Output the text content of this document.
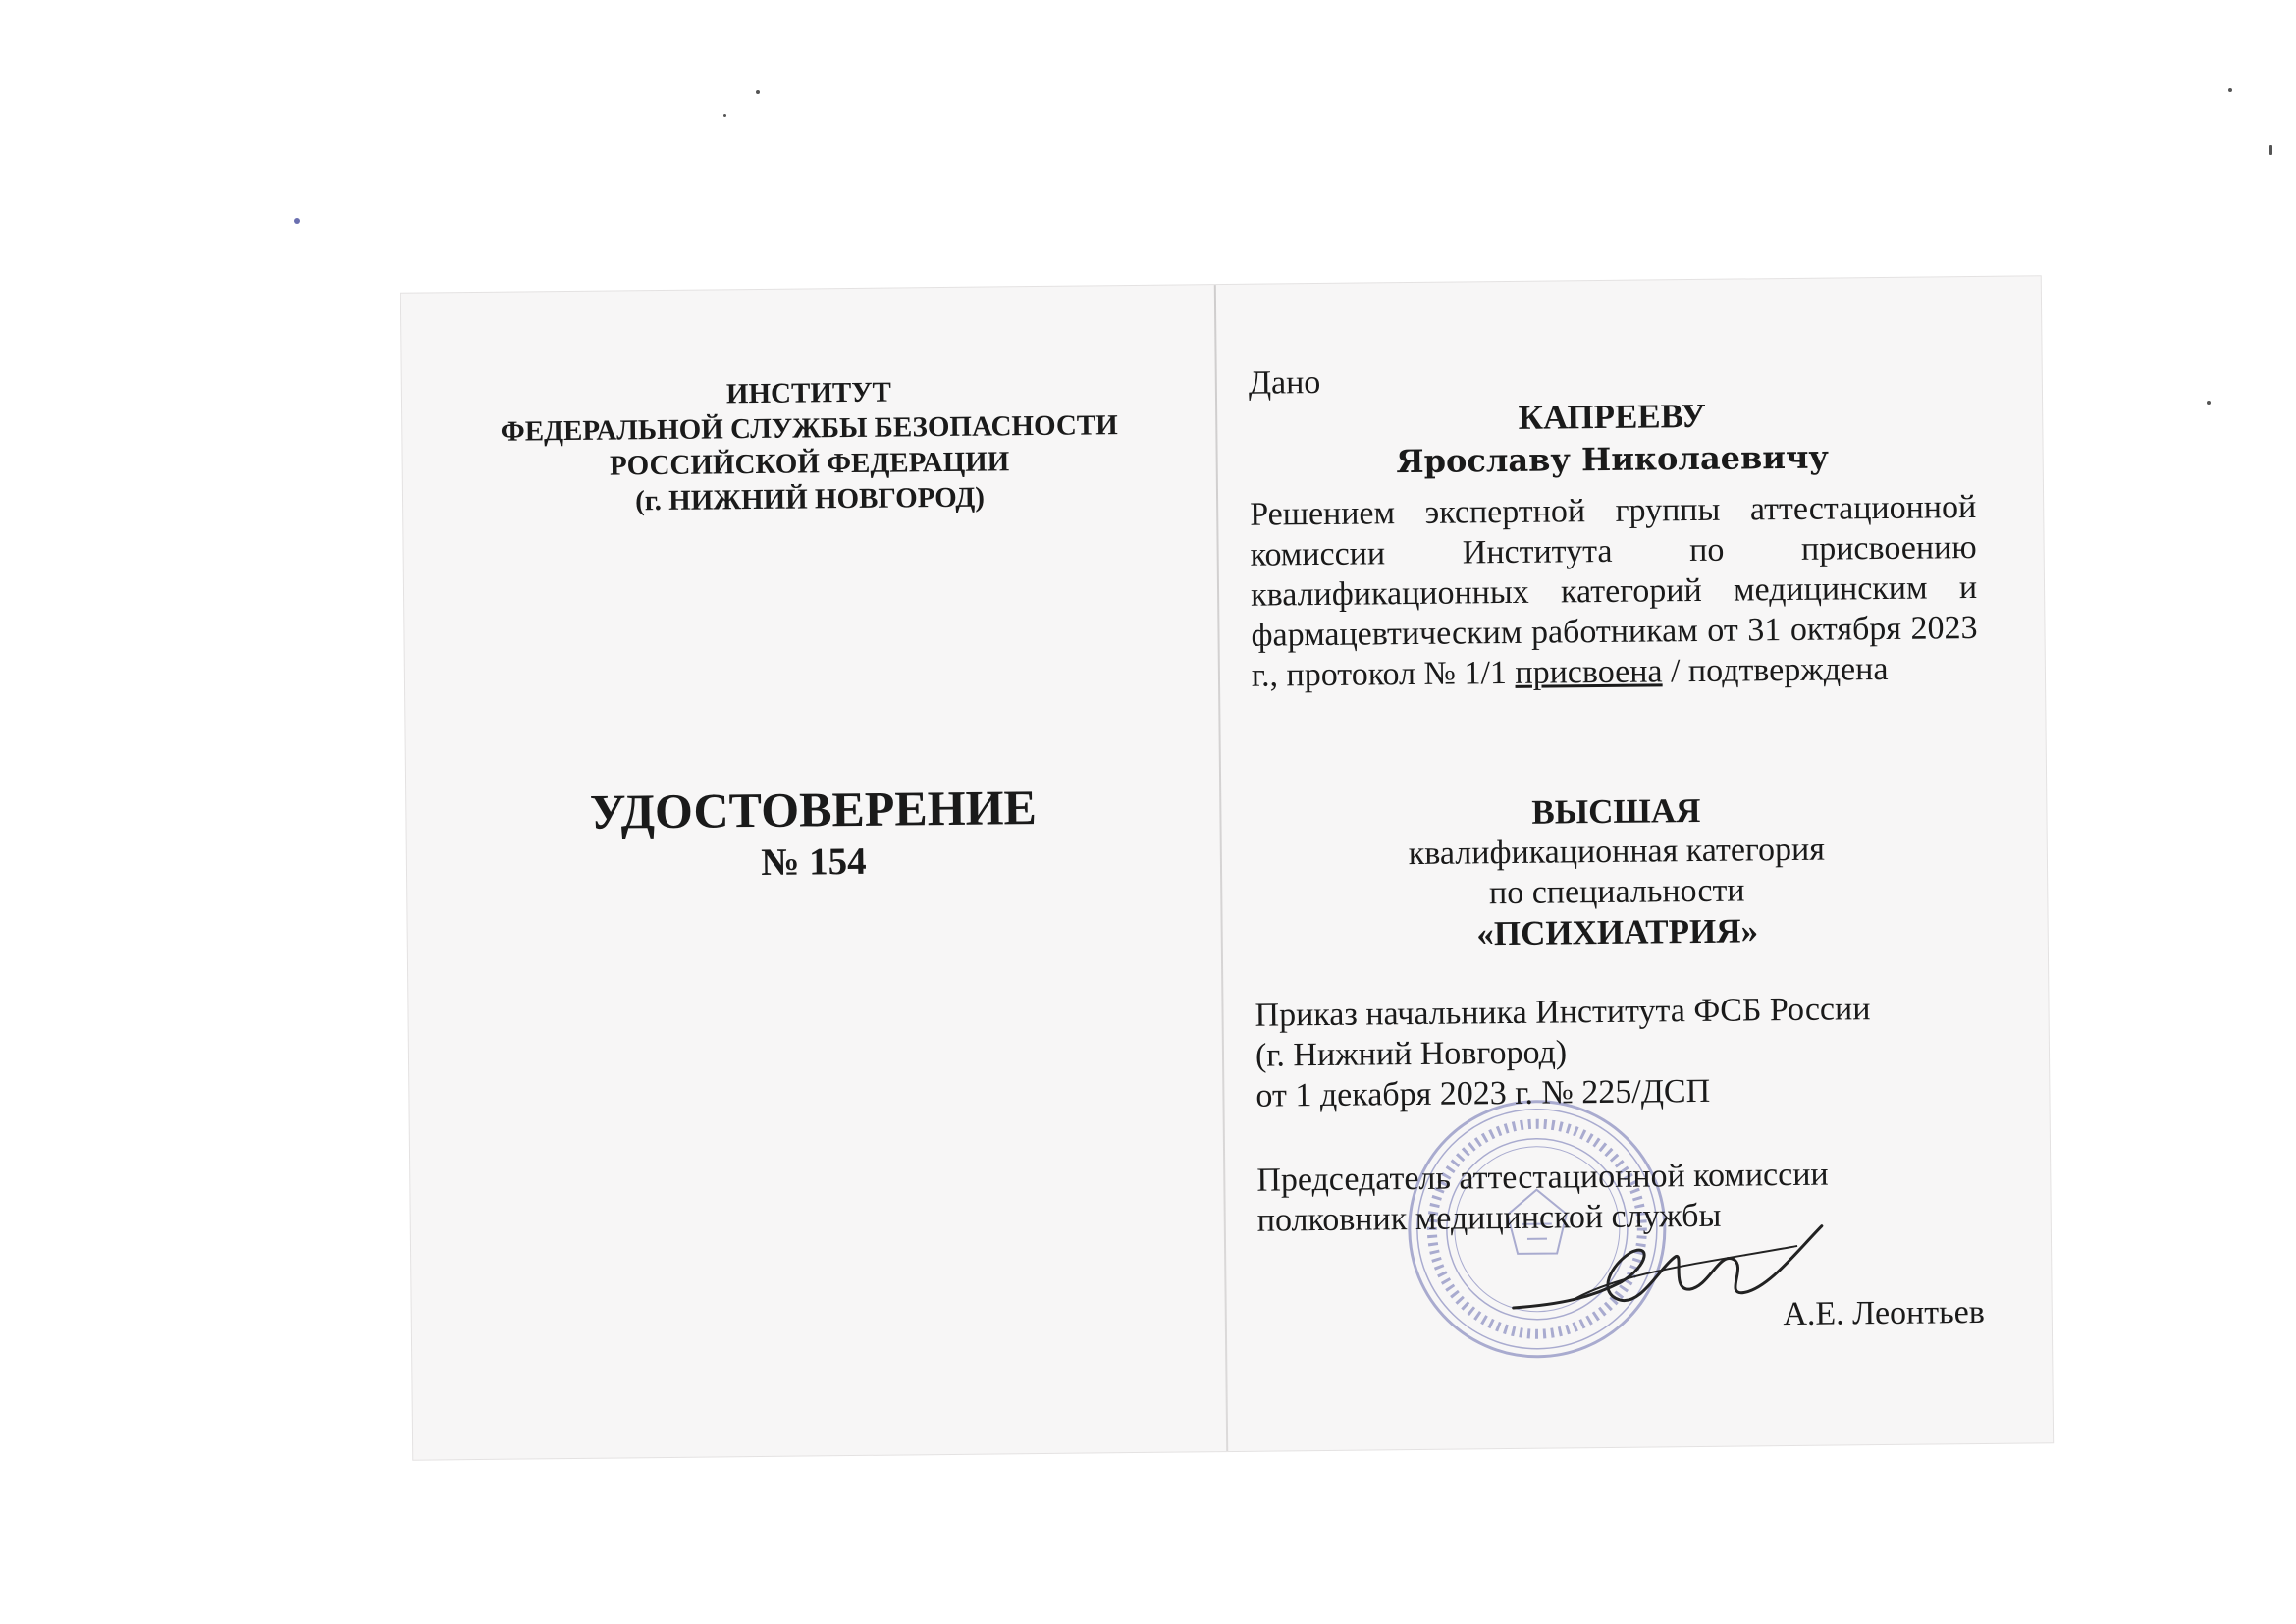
ИНСТИТУТ
ФЕДЕРАЛЬНОЙ СЛУЖБЫ БЕЗОПАСНОСТИ
РОССИЙСКОЙ ФЕДЕРАЦИИ
(г. НИЖНИЙ НОВГОРОД)
УДОСТОВЕРЕНИЕ
№ 154
Дано
КАПРЕЕВУ
Ярославу Николаевичу
Решением экспертной группы аттестационной комиссии Института по присвоению квалификационных категорий медицинским и фармацевтическим работникам от 31 октября 2023 г., протокол № 1/1 присвоена / подтверждена
ВЫСШАЯ
квалификационная категория
по специальности
«ПСИХИАТРИЯ»
Приказ начальника Института ФСБ России
(г. Нижний Новгород)
от 1 декабря 2023 г. № 225/ДСП
Председатель аттестационной комиссии
полковник медицинской службы
А.Е. Леонтьев
